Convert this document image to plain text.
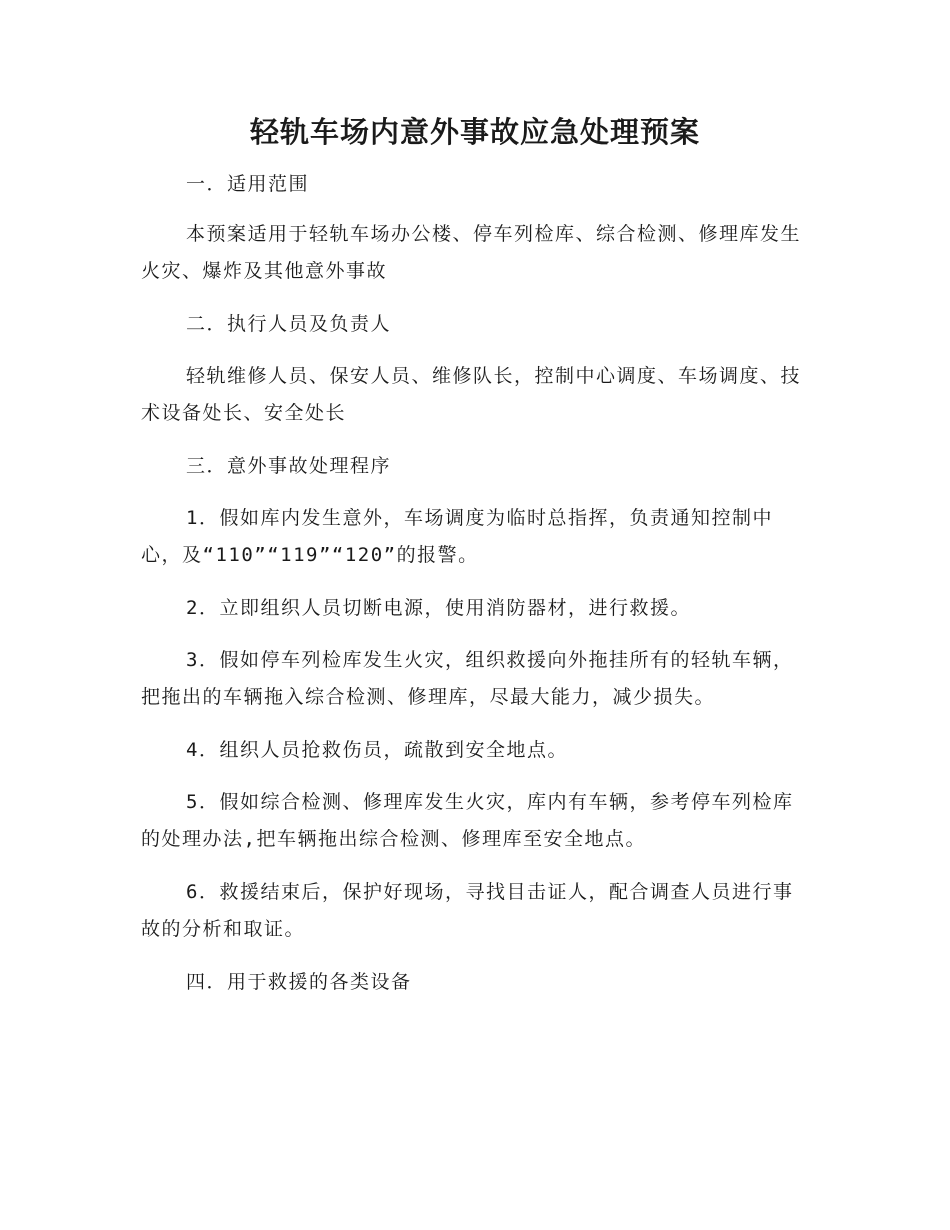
轻轨车场内意外事故应急处理预案

一．适用范围

本预案适用于轻轨车场办公楼、停车列检库、综合检测、修理库发生火灾、爆炸及其他意外事故

二．执行人员及负责人

轻轨维修人员、保安人员、维修队长，控制中心调度、车场调度、技术设备处长、安全处长

三．意外事故处理程序

1．假如库内发生意外，车场调度为临时总指挥，负责通知控制中心，及“110”“119”“120”的报警。

2．立即组织人员切断电源，使用消防器材，进行救援。

3．假如停车列检库发生火灾，组织救援向外拖挂所有的轻轨车辆，把拖出的车辆拖入综合检测、修理库，尽最大能力，减少损失。

4．组织人员抢救伤员，疏散到安全地点。

5．假如综合检测、修理库发生火灾，库内有车辆，参考停车列检库的处理办法,把车辆拖出综合检测、修理库至安全地点。

6．救援结束后，保护好现场，寻找目击证人，配合调查人员进行事故的分析和取证。

四．用于救援的各类设备
